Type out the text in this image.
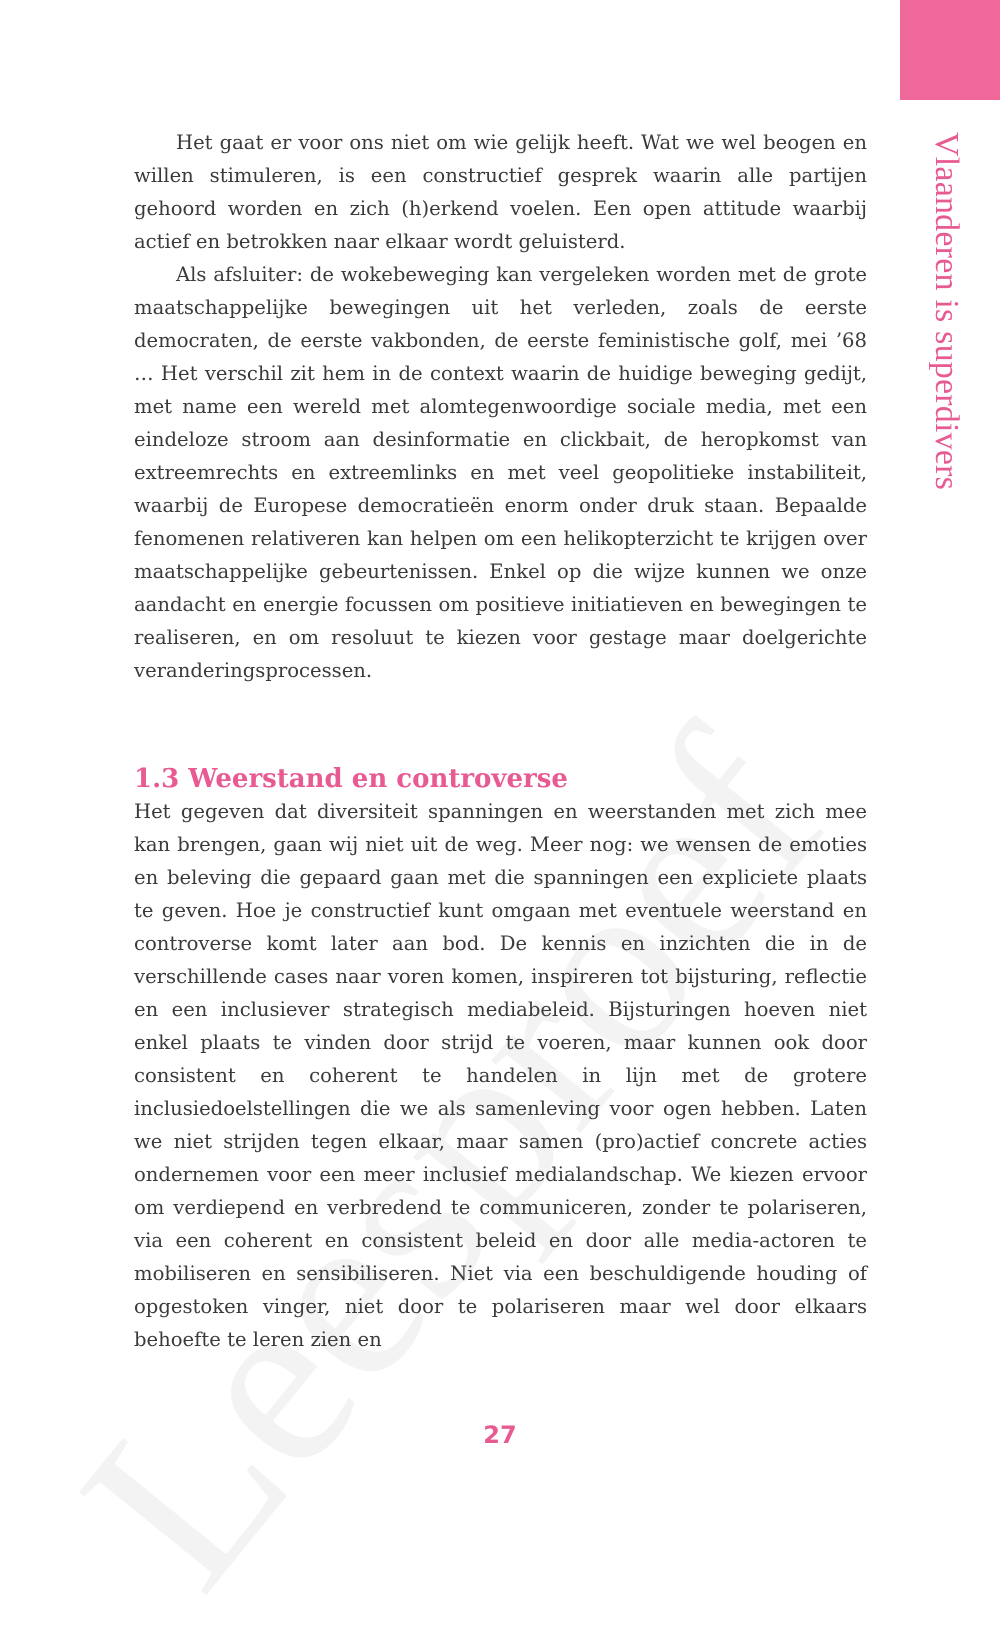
Vlaanderen is superdivers

Het gaat er voor ons niet om wie gelijk heeft. Wat we wel beogen en willen stimuleren, is een constructief gesprek waarin alle partijen gehoord worden en zich (h)erkend voelen. Een open attitude waarbij actief en betrokken naar elkaar wordt geluisterd.

Als afsluiter: de wokebeweging kan vergeleken worden met de grote maatschappelijke bewegingen uit het verleden, zoals de eerste democraten, de eerste vakbonden, de eerste feministische golf, mei ’68 … Het verschil zit hem in de context waarin de huidige beweging gedijt, met name een wereld met alomtegenwoordige sociale media, met een eindeloze stroom aan desinformatie en clickbait, de heropkomst van extreemrechts en extreemlinks en met veel geopolitieke instabiliteit, waarbij de Europese democratieën enorm onder druk staan. Bepaalde fenomenen relativeren kan helpen om een helikopterzicht te krijgen over maatschappelijke gebeurtenissen. Enkel op die wijze kunnen we onze aandacht en energie focussen om positieve initiatieven en bewegingen te realiseren, en om resoluut te kiezen voor gestage maar doelgerichte veranderingsprocessen.

1.3 Weerstand en controverse

Het gegeven dat diversiteit spanningen en weerstanden met zich mee kan brengen, gaan wij niet uit de weg. Meer nog: we wensen de emoties en beleving die gepaard gaan met die spanningen een expliciete plaats te geven. Hoe je constructief kunt omgaan met eventuele weerstand en controverse komt later aan bod. De kennis en inzichten die in de verschillende cases naar voren komen, inspireren tot bijsturing, reflectie en een inclusiever strategisch mediabeleid. Bijsturingen hoeven niet enkel plaats te vinden door strijd te voeren, maar kunnen ook door consistent en coherent te handelen in lijn met de grotere inclusiedoelstellingen die we als samenleving voor ogen hebben. Laten we niet strijden tegen elkaar, maar samen (pro)actief concrete acties ondernemen voor een meer inclusief medialandschap. We kiezen ervoor om verdiepend en verbredend te communiceren, zonder te polariseren, via een coherent en consistent beleid en door alle media-actoren te mobiliseren en sensibiliseren. Niet via een beschuldigende houding of opgestoken vinger, niet door te polariseren maar wel door elkaars behoefte te leren zien en

27
